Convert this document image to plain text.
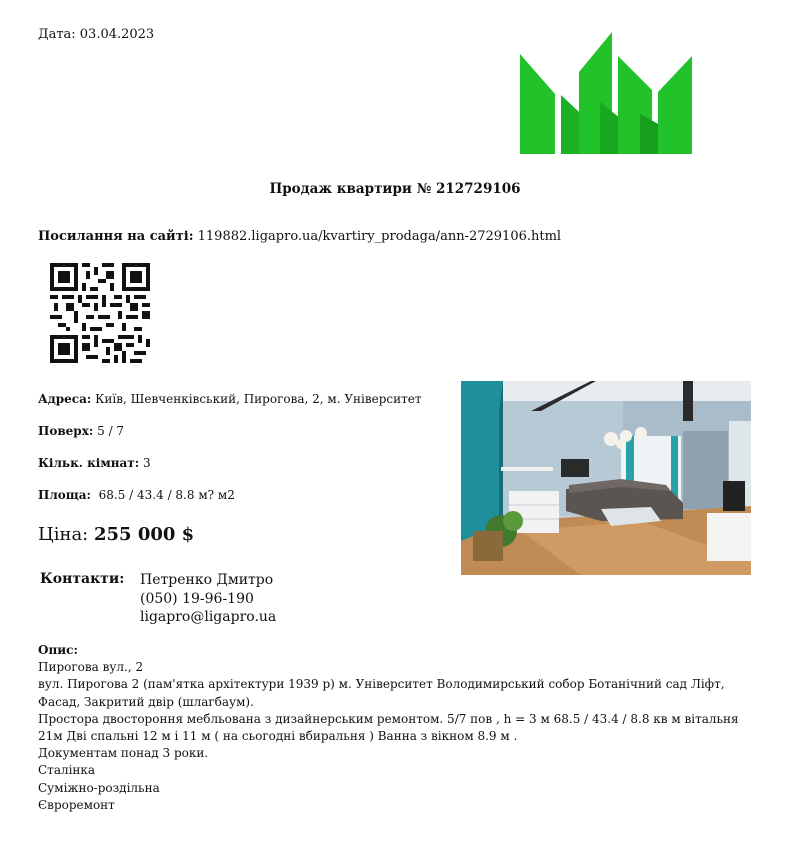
Дата: 03.04.2023
Продаж квартири № 212729106
Посилання на сайті: 119882.ligapro.ua/kvartiry_prodaga/ann-2729106.html
Адреса: Київ, Шевченківський, Пирогова, 2, м. Університет
Поверх: 5 / 7
Кільк. кімнат: 3
Площа:  68.5 / 43.4 / 8.8 м? м2
Ціна: 255 000 $
Контакти: Петренко Дмитро
(050) 19-96-190
ligapro@ligapro.ua
Опис:
Пирогова вул., 2
вул. Пирогова 2 (пам'ятка архітектури 1939 р) м. Університет Володимирський собор Ботанічний сад Ліфт, Фасад, Закритий двір (шлагбаум).
Простора двостороння мебльована з дизайнерським ремонтом. 5/7 пов , h = 3 м 68.5 / 43.4 / 8.8 кв м вітальня 21м Дві спальні 12 м і 11 м ( на сьогодні вбиральня ) Ванна з вікном 8.9 м .
Документам понад 3 роки.
Сталінка
Суміжно-роздільна
Євроремонт
